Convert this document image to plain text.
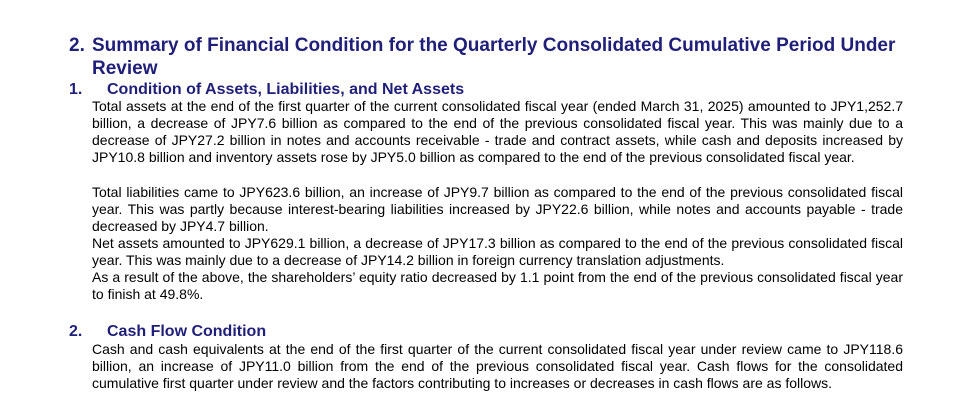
2. Summary of Financial Condition for the Quarterly Consolidated Cumulative Period Under Review
1.	Condition of Assets, Liabilities, and Net Assets

Total assets at the end of the first quarter of the current consolidated fiscal year (ended March 31, 2025) amounted to JPY1,252.7 billion, a decrease of JPY7.6 billion as compared to the end of the previous consolidated fiscal year. This was mainly due to a decrease of JPY27.2 billion in notes and accounts receivable - trade and contract assets, while cash and deposits increased by JPY10.8 billion and inventory assets rose by JPY5.0 billion as compared to the end of the previous consolidated fiscal year.

Total liabilities came to JPY623.6 billion, an increase of JPY9.7 billion as compared to the end of the previous consolidated fiscal year. This was partly because interest-bearing liabilities increased by JPY22.6 billion, while notes and accounts payable - trade decreased by JPY4.7 billion.

Net assets amounted to JPY629.1 billion, a decrease of JPY17.3 billion as compared to the end of the previous consolidated fiscal year. This was mainly due to a decrease of JPY14.2 billion in foreign currency translation adjustments.

As a result of the above, the shareholders’ equity ratio decreased by 1.1 point from the end of the previous consolidated fiscal year to finish at 49.8%.

2.	Cash Flow Condition

Cash and cash equivalents at the end of the first quarter of the current consolidated fiscal year under review came to JPY118.6 billion, an increase of JPY11.0 billion from the end of the previous consolidated fiscal year. Cash flows for the consolidated cumulative first quarter under review and the factors contributing to increases or decreases in cash flows are as follows.
